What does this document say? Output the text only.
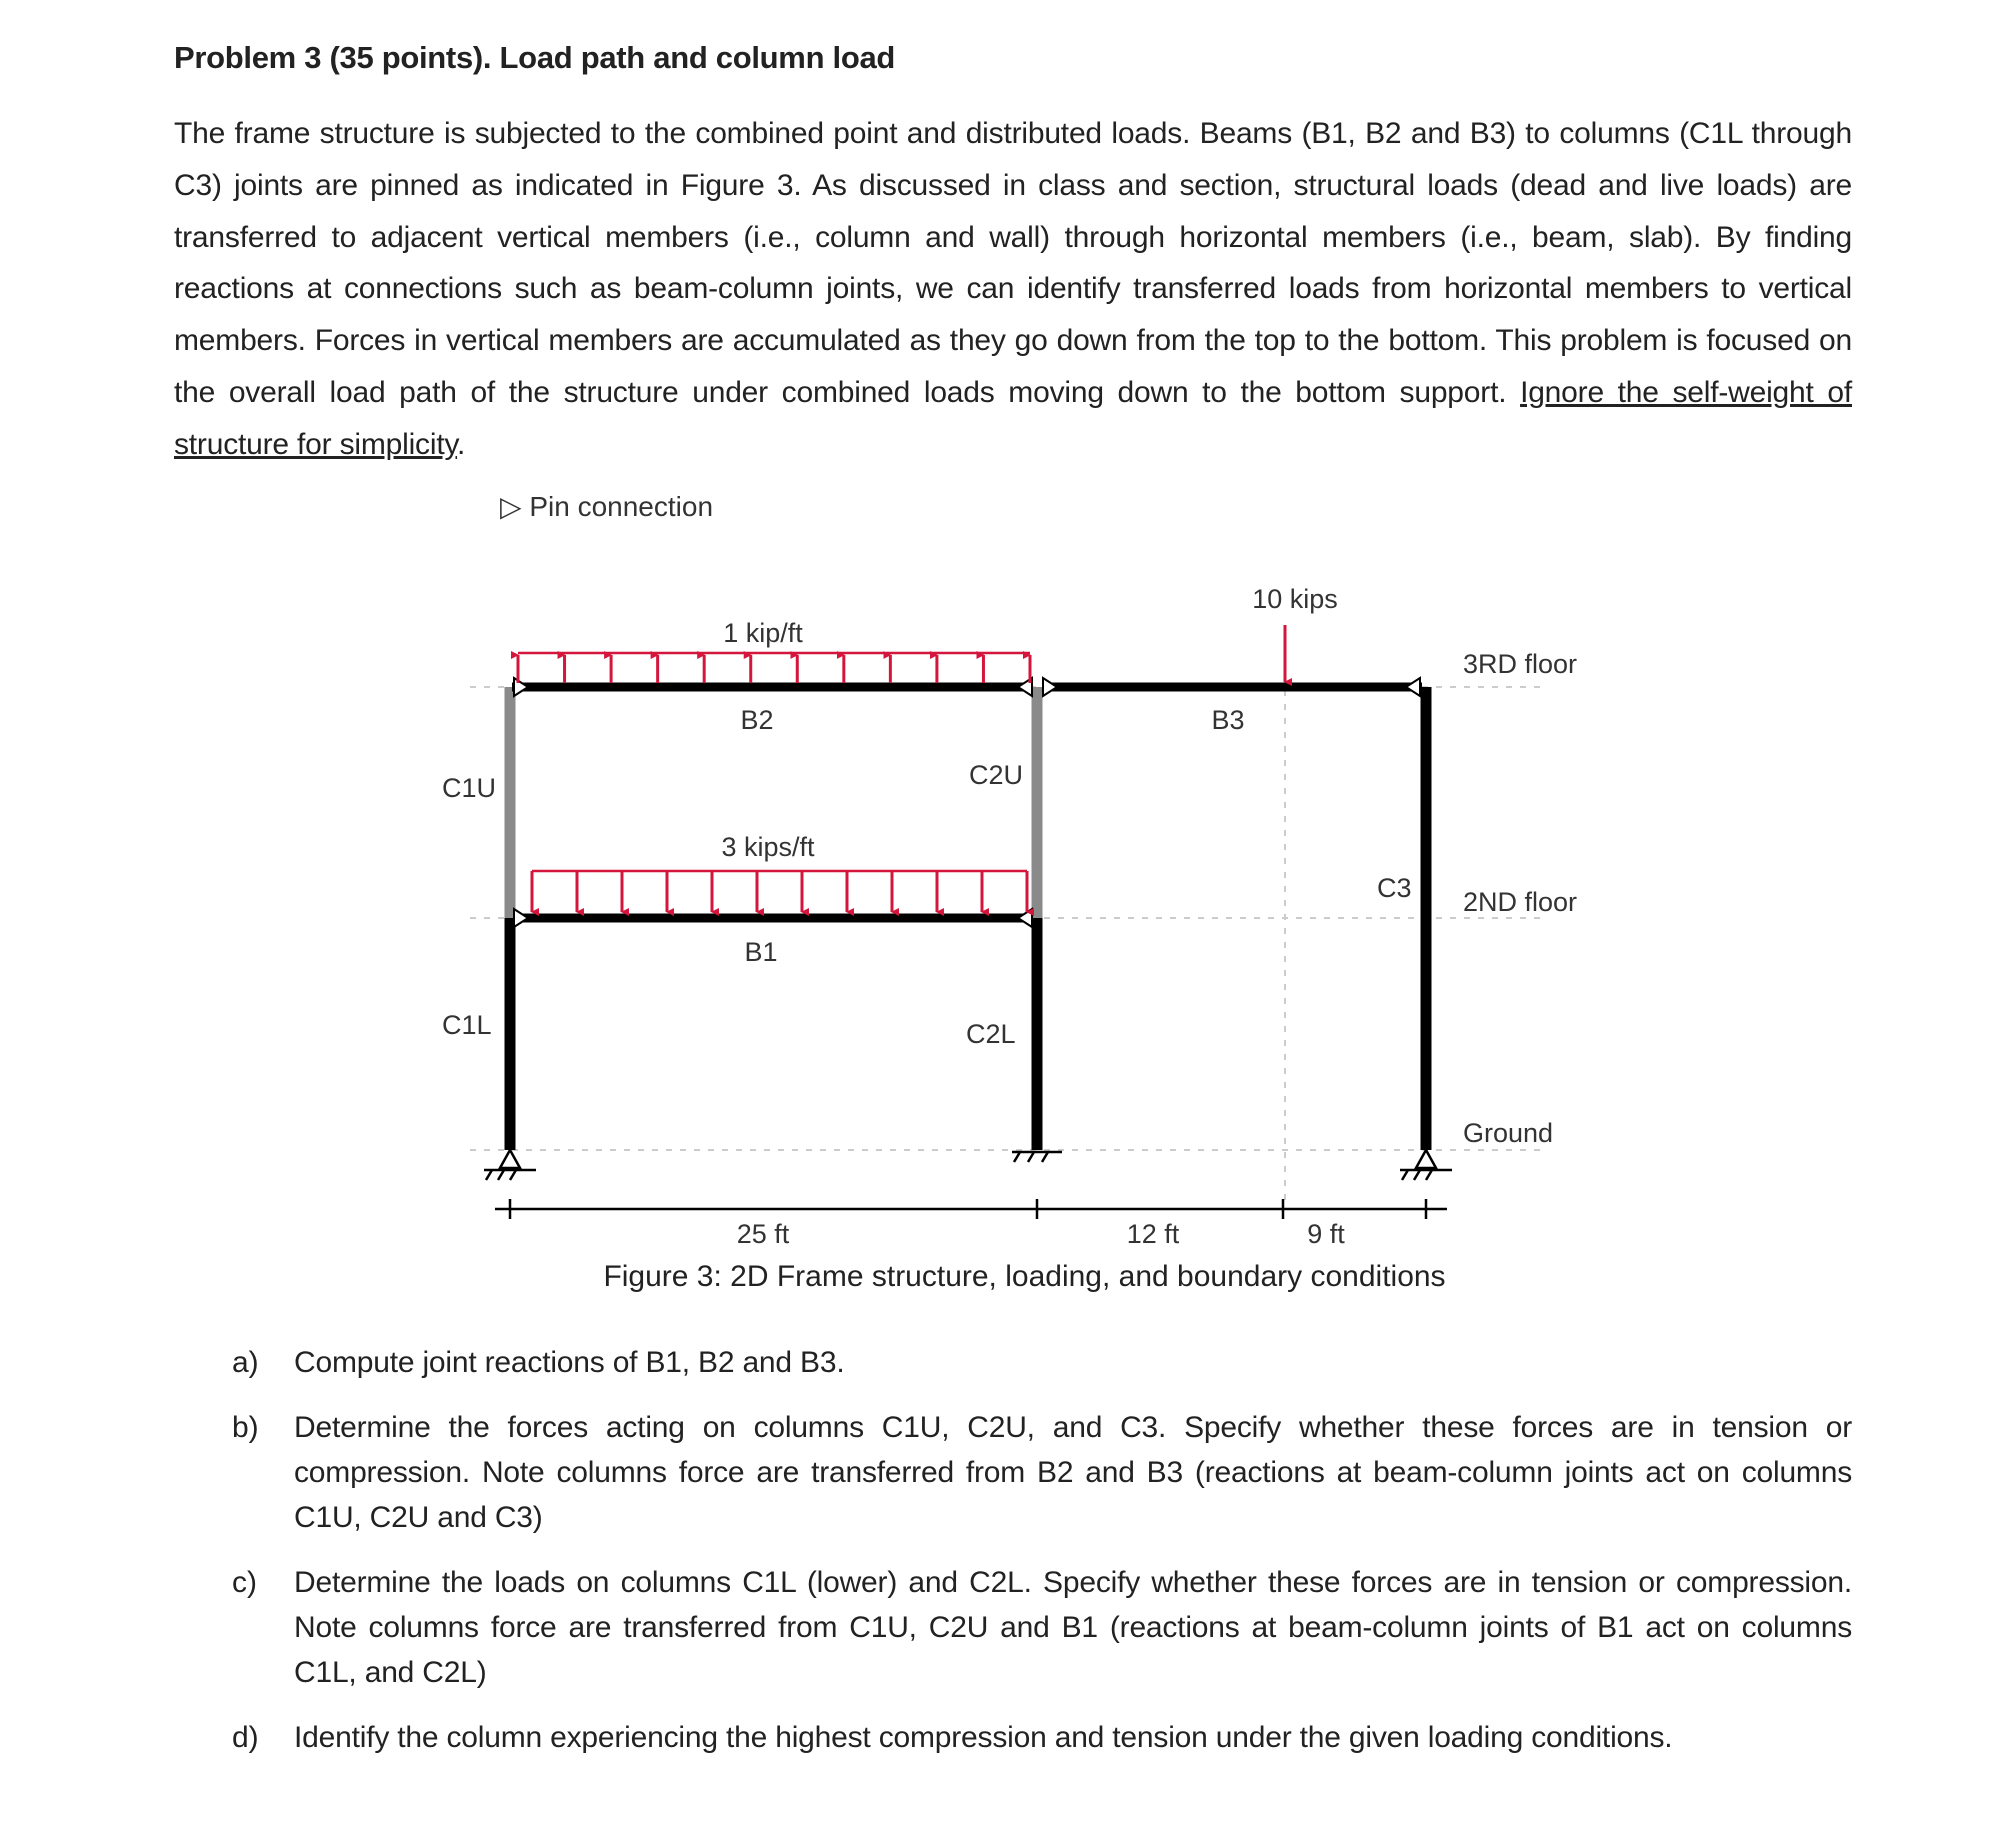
Problem 3 (35 points). Load path and column load
The frame structure is subjected to the combined point and distributed loads. Beams (B1, B2 and B3) to columns (C1L through C3) joints are pinned as indicated in Figure 3. As discussed in class and section, structural loads (dead and live loads) are transferred to adjacent vertical members (i.e., column and wall) through horizontal members (i.e., beam, slab). By finding reactions at connections such as beam-column joints, we can identify transferred loads from horizontal members to vertical members. Forces in vertical members are accumulated as they go down from the top to the bottom. This problem is focused on the overall load path of the structure under combined loads moving down to the bottom support. Ignore the self-weight of structure for simplicity.
▷ Pin connection
1 kip/ft
3 kips/ft
10 kips
B2	B3
B1
C1U
C1L
C2U
C2L
C3
3RD floor
2ND floor
Ground
25 ft	12 ft	9 ft
Figure 3: 2D Frame structure, loading, and boundary conditions
a) Compute joint reactions of B1, B2 and B3.
b) Determine the forces acting on columns C1U, C2U, and C3. Specify whether these forces are in tension or compression. Note columns force are transferred from B2 and B3 (reactions at beam-column joints act on columns C1U, C2U and C3)
c) Determine the loads on columns C1L (lower) and C2L. Specify whether these forces are in tension or compression. Note columns force are transferred from C1U, C2U and B1 (reactions at beam-column joints of B1 act on columns C1L, and C2L)
d) Identify the column experiencing the highest compression and tension under the given loading conditions.
